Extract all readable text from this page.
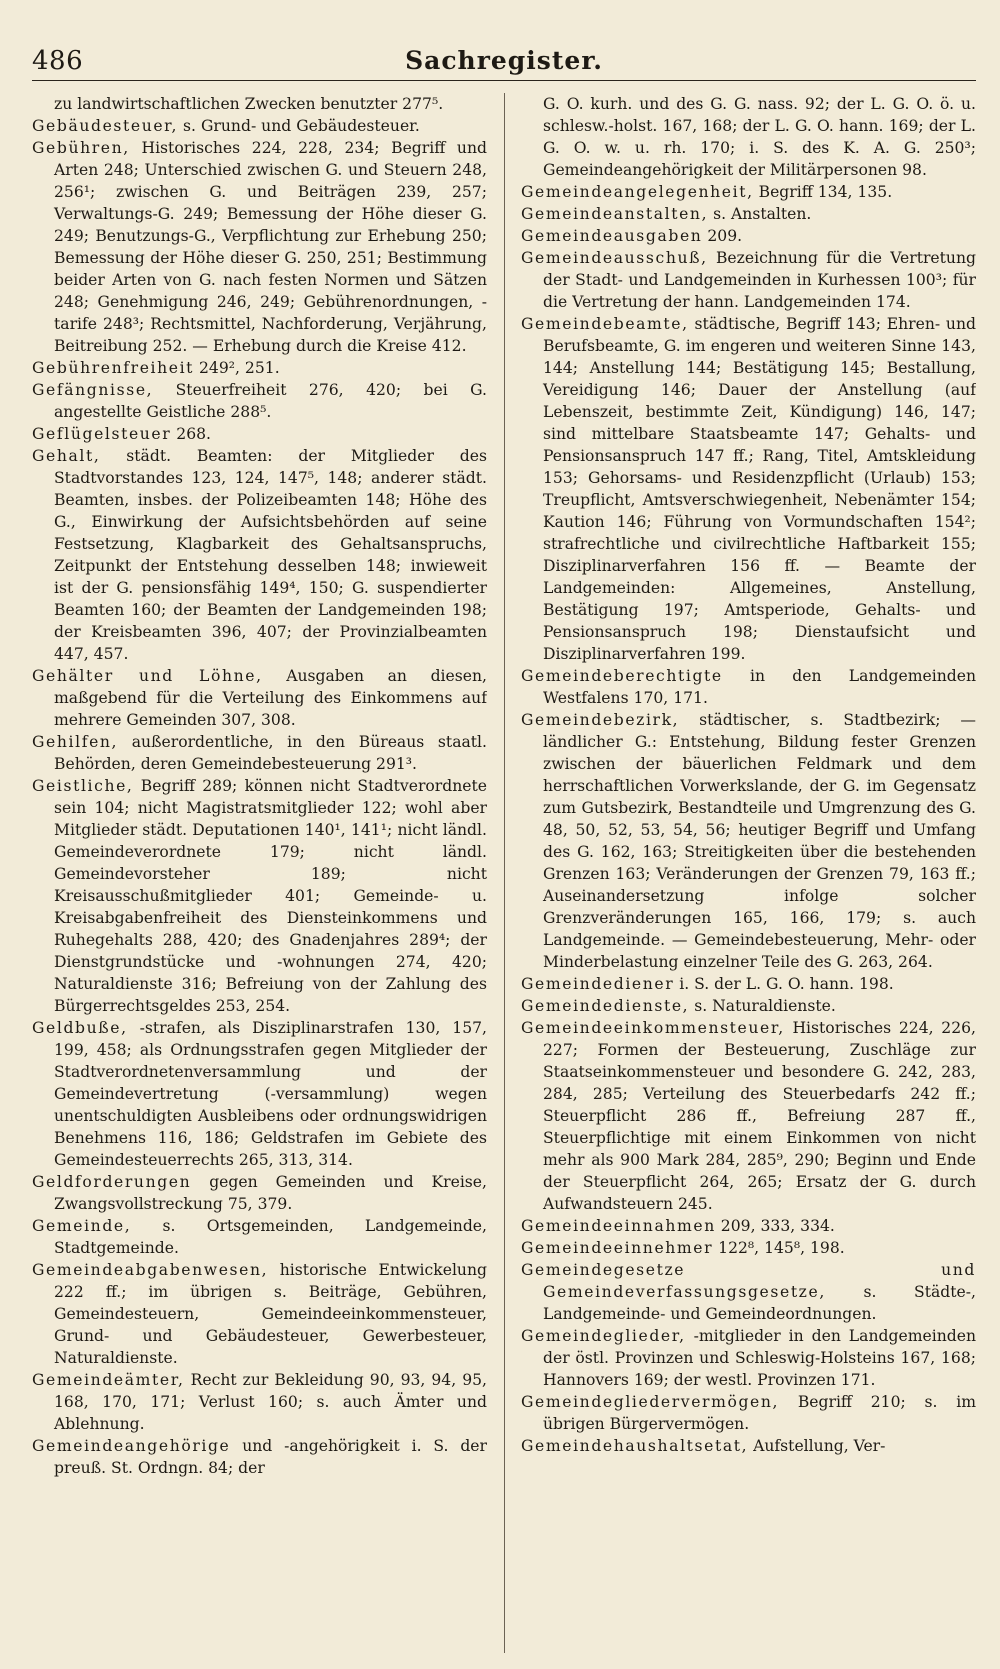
486	Sachregister.

zu landwirtschaftlichen Zwecken benutzter 277⁵.

Gebäudesteuer, s. Grund- und Gebäudesteuer.

Gebühren, Historisches 224, 228, 234; Begriff und Arten 248; Unterschied zwischen G. und Steuern 248, 256¹; zwischen G. und Beiträgen 239, 257; Verwaltungs-G. 249; Bemessung der Höhe dieser G. 249; Benutzungs-G., Verpflichtung zur Erhebung 250; Bemessung der Höhe dieser G. 250, 251; Bestimmung beider Arten von G. nach festen Normen und Sätzen 248; Genehmigung 246, 249; Gebührenordnungen, -tarife 248³; Rechtsmittel, Nachforderung, Verjährung, Beitreibung 252. — Erhebung durch die Kreise 412.

Gebührenfreiheit 249², 251.

Gefängnisse, Steuerfreiheit 276, 420; bei G. angestellte Geistliche 288⁵.

Geflügelsteuer 268.

Gehalt, städt. Beamten: der Mitglieder des Stadtvorstandes 123, 124, 147⁵, 148; anderer städt. Beamten, insbes. der Polizeibeamten 148; Höhe des G., Einwirkung der Aufsichtsbehörden auf seine Festsetzung, Klagbarkeit des Gehaltsanspruchs, Zeitpunkt der Entstehung desselben 148; inwieweit ist der G. pensionsfähig 149⁴, 150; G. suspendierter Beamten 160; der Beamten der Landgemeinden 198; der Kreisbeamten 396, 407; der Provinzialbeamten 447, 457.

Gehälter und Löhne, Ausgaben an diesen, maßgebend für die Verteilung des Einkommens auf mehrere Gemeinden 307, 308.

Gehilfen, außerordentliche, in den Büreaus staatl. Behörden, deren Gemeindebesteuerung 291³.

Geistliche, Begriff 289; können nicht Stadtverordnete sein 104; nicht Magistratsmitglieder 122; wohl aber Mitglieder städt. Deputationen 140¹, 141¹; nicht ländl. Gemeindeverordnete 179; nicht ländl. Gemeindevorsteher 189; nicht Kreisausschußmitglieder 401; Gemeinde- u. Kreisabgabenfreiheit des Diensteinkommens und Ruhegehalts 288, 420; des Gnadenjahres 289⁴; der Dienstgrundstücke und -wohnungen 274, 420; Naturaldienste 316; Befreiung von der Zahlung des Bürgerrechtsgeldes 253, 254.

Geldbuße, -strafen, als Disziplinarstrafen 130, 157, 199, 458; als Ordnungsstrafen gegen Mitglieder der Stadtverordnetenversammlung und der Gemeindevertretung (-versammlung) wegen unentschuldigten Ausbleibens oder ordnungswidrigen Benehmens 116, 186; Geldstrafen im Gebiete des Gemeindesteuerrechts 265, 313, 314.

Geldforderungen gegen Gemeinden und Kreise, Zwangsvollstreckung 75, 379.

Gemeinde, s. Ortsgemeinden, Landgemeinde, Stadtgemeinde.

Gemeindeabgabenwesen, historische Entwickelung 222 ff.; im übrigen s. Beiträge, Gebühren, Gemeindesteuern, Gemeindeeinkommensteuer, Grund- und Gebäudesteuer, Gewerbesteuer, Naturaldienste.

Gemeindeämter, Recht zur Bekleidung 90, 93, 94, 95, 168, 170, 171; Verlust 160; s. auch Ämter und Ablehnung.

Gemeindeangehörige und -angehörigkeit i. S. der preuß. St. Ordngn. 84; der

G. O. kurh. und des G. G. nass. 92; der L. G. O. ö. u. schlesw.-holst. 167, 168; der L. G. O. hann. 169; der L. G. O. w. u. rh. 170; i. S. des K. A. G. 250³; Gemeindeangehörigkeit der Militärpersonen 98.

Gemeindeangelegenheit, Begriff 134, 135.

Gemeindeanstalten, s. Anstalten.

Gemeindeausgaben 209.

Gemeindeausschuß, Bezeichnung für die Vertretung der Stadt- und Landgemeinden in Kurhessen 100³; für die Vertretung der hann. Landgemeinden 174.

Gemeindebeamte, städtische, Begriff 143; Ehren- und Berufsbeamte, G. im engeren und weiteren Sinne 143, 144; Anstellung 144; Bestätigung 145; Bestallung, Vereidigung 146; Dauer der Anstellung (auf Lebenszeit, bestimmte Zeit, Kündigung) 146, 147; sind mittelbare Staatsbeamte 147; Gehalts- und Pensionsanspruch 147 ff.; Rang, Titel, Amtskleidung 153; Gehorsams- und Residenzpflicht (Urlaub) 153; Treupflicht, Amtsverschwiegenheit, Nebenämter 154; Kaution 146; Führung von Vormundschaften 154²; strafrechtliche und civilrechtliche Haftbarkeit 155; Disziplinarverfahren 156 ff. — Beamte der Landgemeinden: Allgemeines, Anstellung, Bestätigung 197; Amtsperiode, Gehalts- und Pensionsanspruch 198; Dienstaufsicht und Disziplinarverfahren 199.

Gemeindeberechtigte in den Landgemeinden Westfalens 170, 171.

Gemeindebezirk, städtischer, s. Stadtbezirk; — ländlicher G.: Entstehung, Bildung fester Grenzen zwischen der bäuerlichen Feldmark und dem herrschaftlichen Vorwerkslande, der G. im Gegensatz zum Gutsbezirk, Bestandteile und Umgrenzung des G. 48, 50, 52, 53, 54, 56; heutiger Begriff und Umfang des G. 162, 163; Streitigkeiten über die bestehenden Grenzen 163; Veränderungen der Grenzen 79, 163 ff.; Auseinandersetzung infolge solcher Grenzveränderungen 165, 166, 179; s. auch Landgemeinde. — Gemeindebesteuerung, Mehr- oder Minderbelastung einzelner Teile des G. 263, 264.

Gemeindediener i. S. der L. G. O. hann. 198.

Gemeindedienste, s. Naturaldienste.

Gemeindeeinkommensteuer, Historisches 224, 226, 227; Formen der Besteuerung, Zuschläge zur Staatseinkommensteuer und besondere G. 242, 283, 284, 285; Verteilung des Steuerbedarfs 242 ff.; Steuerpflicht 286 ff., Befreiung 287 ff., Steuerpflichtige mit einem Einkommen von nicht mehr als 900 Mark 284, 285⁹, 290; Beginn und Ende der Steuerpflicht 264, 265; Ersatz der G. durch Aufwandsteuern 245.

Gemeindeeinnahmen 209, 333, 334.

Gemeindeeinnehmer 122⁸, 145⁸, 198.

Gemeindegesetze und Gemeindeverfassungsgesetze, s. Städte-, Landgemeinde- und Gemeindeordnungen.

Gemeindeglieder, -mitglieder in den Landgemeinden der östl. Provinzen und Schleswig-Holsteins 167, 168; Hannovers 169; der westl. Provinzen 171.

Gemeindegliedervermögen, Begriff 210; s. im übrigen Bürgervermögen.

Gemeindehaushaltsetat, Aufstellung, Ver-
